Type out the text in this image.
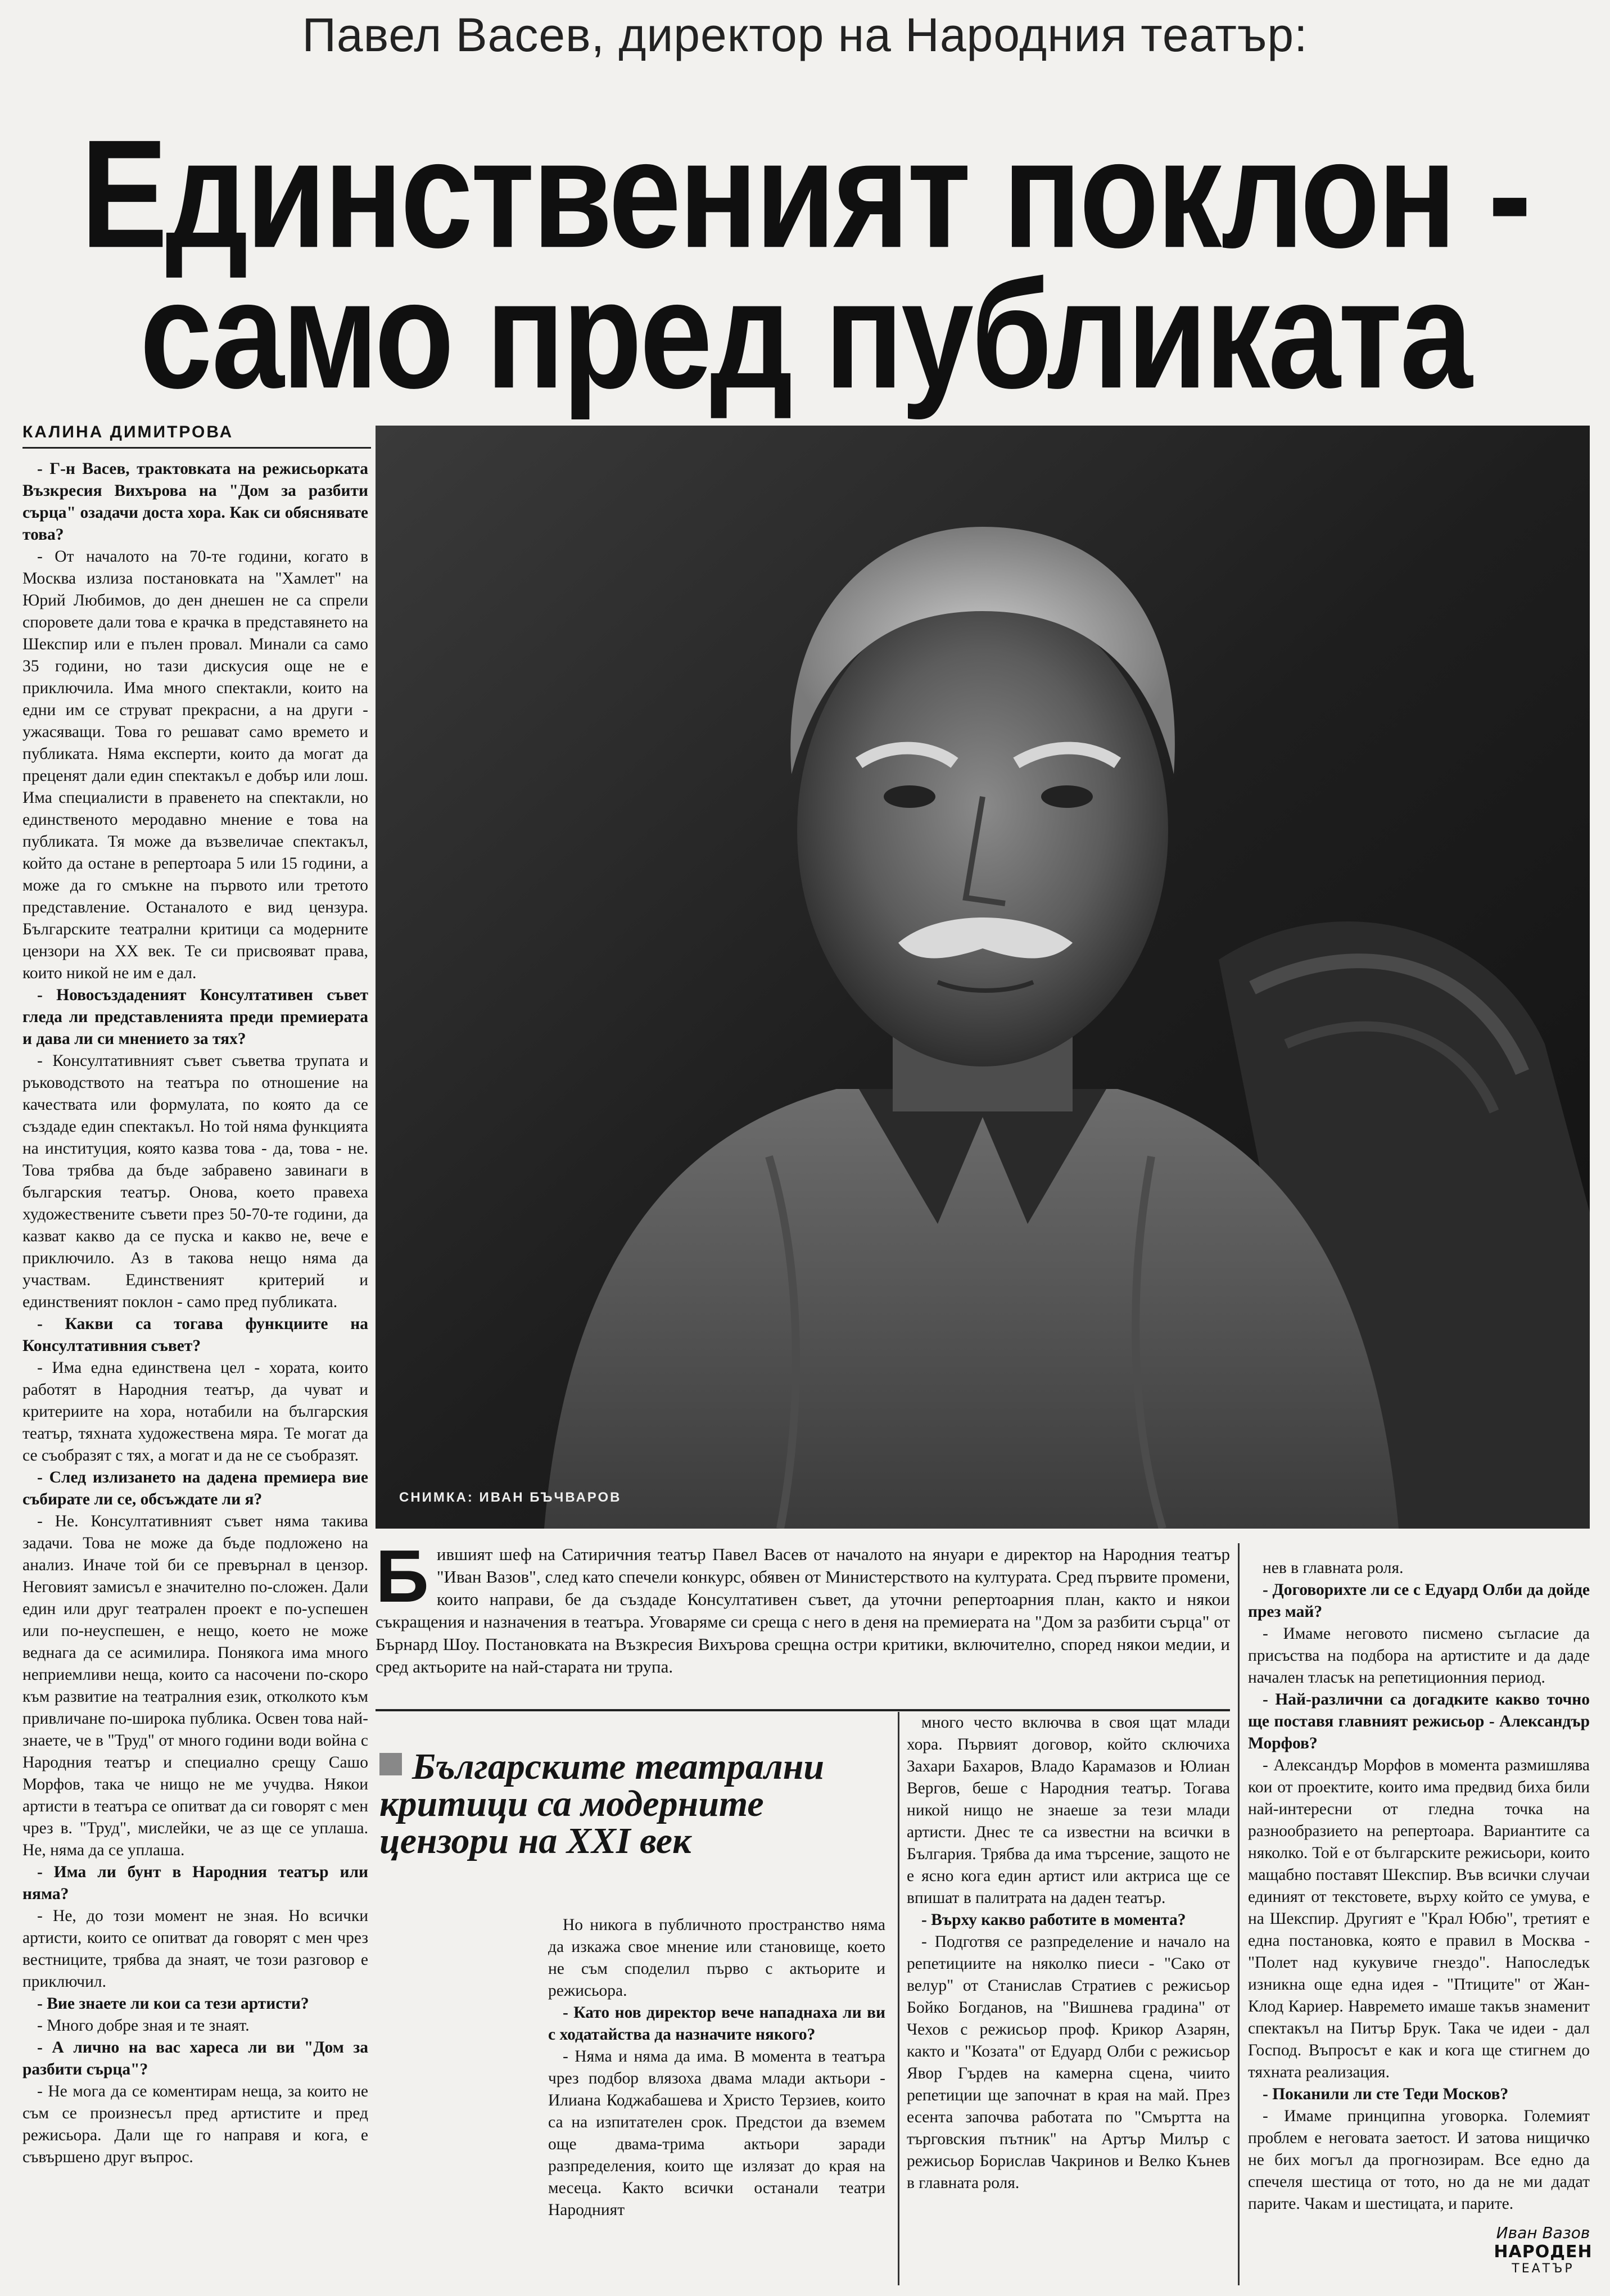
Павел Васев, директор на Народния театър:
Единственият поклон -
само пред публиката
КАЛИНА ДИМИТРОВА

- Г-н Васев, трактовката на режисьорката Възкресия Вихърова на "Дом за разбити сърца" озадачи доста хора. Как си обяснявате това?

- От началото на 70-те години, когато в Москва излиза постановката на "Хамлет" на Юрий Любимов, до ден днешен не са спрели споровете дали това е крачка в представянето на Шекспир или е пълен провал. Минали са само 35 години, но тази дискусия още не е приключила. Има много спектакли, които на едни им се струват прекрасни, а на други - ужасяващи. Това го решават само времето и публиката. Няма експерти, които да могат да преценят дали един спектакъл е добър или лош. Има специалисти в правенето на спектакли, но единственото меродавно мнение е това на публиката. Тя може да възвеличае спектакъл, който да остане в репертоара 5 или 15 години, а може да го смъкне на първото или третото представление. Останалото е вид цензура. Българските театрални критици са модерните цензори на XX век. Те си присвояват права, които никой не им е дал.

- Новосъздаденият Консултативен съвет гледа ли представленията преди премиерата и дава ли си мнението за тях?

- Консултативният съвет съветва трупата и ръководството на театъра по отношение на качествата или формулата, по която да се създаде един спектакъл. Но той няма функцията на институция, която казва това - да, това - не. Това трябва да бъде забравено завинаги в българския театър. Онова, което правеха художествените съвети през 50-70-те години, да казват какво да се пуска и какво не, вече е приключило. Аз в такова нещо няма да участвам. Единственият критерий и единственият поклон - само пред публиката.

- Какви са тогава функциите на Консултативния съвет?

- Има една единствена цел - хората, които работят в Народния театър, да чуват и критериите на хора, нотабили на българския театър, тяхната художествена мяра. Те могат да се съобразят с тях, а могат и да не се съобразят.

- След излизането на дадена премиера вие събирате ли се, обсъждате ли я?

- Не. Консултативният съвет няма такива задачи. Това не може да бъде подложено на анализ. Иначе той би се превърнал в цензор. Неговият замисъл е значително по-сложен. Дали един или друг театрален проект е по-успешен или по-неуспешен, е нещо, което не може веднага да се асимилира. Понякога има много неприемливи неща, които са насочени по-скоро към развитие на театралния език, отколкото към привличане по-широка публика. Освен това най-знаете, че в "Труд" от много години води война с Народния театър и специално срещу Сашо Морфов, така че нищо не ме учудва. Някои артисти в театъра се опитват да си говорят с мен чрез в. "Труд", мислейки, че аз ще се уплаша. Не, няма да се уплаша.

- Има ли бунт в Народния театър или няма?

- Не, до този момент не зная. Но всички артисти, които се опитват да говорят с мен чрез вестниците, трябва да знаят, че този разговор е приключил.

- Вие знаете ли кои са тези артисти?

- Много добре зная и те знаят.

- А лично на вас хареса ли ви "Дом за разбити сърца"?

- Не мога да се коментирам неща, за които не съм се произнесъл пред артистите и пред режисьора. Дали ще го направя и кога, е съвършено друг въпрос.

СНИМКА: ИВАН БЪЧВАРОВ
Бившият шеф на Сатиричния театър Павел Васев от началото на януари е директор на Народния театър "Иван Вазов", след като спечели конкурс, обявен от Министерството на културата. Сред първите промени, които направи, бе да създаде Консултативен съвет, да уточни репертоарния план, както и някои съкращения и назначения в театъра. Уговаряме си среща с него в деня на премиерата на "Дом за разбити сърца" от Бърнард Шоу. Постановката на Възкресия Вихърова срещна остри критики, включително, според някои медии, и сред актьорите на най-старата ни трупа.
Българските театрални критици са модерните цензори на XXI век

Но никога в публичното пространство няма да изкажа свое мнение или становище, което не съм споделил първо с актьорите и режисьора.

- Като нов директор вече нападнаха ли ви с ходатайства да назначите някого?

- Няма и няма да има. В момента в театъра чрез подбор влязоха двама млади актьори - Илиана Коджабашева и Христо Терзиев, които са на изпитателен срок. Предстои да вземем още двама-трима актьори заради разпределения, които ще излязат до края на месеца. Както всички останали театри Народният

много често включва в своя щат млади хора. Първият договор, който сключихa Захари Бахаров, Владо Карамазов и Юлиан Вергов, беше с Народния театър. Тогава никой нищо не знаеше за тези млади артисти. Днес те са известни на всички в България. Трябва да има търсение, защото не е ясно кога един артист или актриса ще се впишат в палитрата на даден театър.

- Върху какво работите в момента?

- Подготвя се разпределение и начало на репетициите на няколко пиеси - "Сако от велур" от Станислав Стратиев с режисьор Бойко Богданов, на "Вишнева градина" от Чехов с режисьор проф. Крикор Азарян, както и "Козата" от Едуард Олби с режисьор Явор Гърдев на камерна сцена, чиито репетиции ще започнат в края на май. През есента започва работата по "Смъртта на търговския пътник" на Артър Милър с режисьор Борислав Чакринов и Велко Кънев в главната роля.

нев в главната роля.

- Договорихте ли се с Едуард Олби да дойде през май?

- Имаме неговото писмено съгласие да присъства на подбора на артистите и да даде начален тласък на репетиционния период.

- Най-различни са догадките какво точно ще поставя главният режисьор - Александър Морфов?

- Александър Морфов в момента размишлява кои от проектите, които има предвид биха били най-интересни от гледна точка на разнообразието на репертоара. Вариантите са няколко. Той е от българските режисьори, които мащабно поставят Шекспир. Във всички случаи единият от текстовете, върху който се умува, е на Шекспир. Другият е "Крал Юбю", третият е една постановка, която е правил в Москва - "Полет над кукувиче гнездо". Напоследък изникна още една идея - "Птиците" от Жан-Клод Кариер. Навремето имаше такъв знаменит спектакъл на Питър Брук. Така че идеи - дал Господ. Въпросът е как и кога ще стигнем до тяхната реализация.

- Поканили ли сте Теди Москов?

- Имаме принципна уговорка. Големият проблем е неговата заетост. И затова нищичко не бих могъл да прогнозирам. Все едно да спечеля шестица от тото, но да не ми дадат парите. Чакам и шестицата, и парите.

Иван Вазов
НАРОДЕН
ТЕАТЪР
